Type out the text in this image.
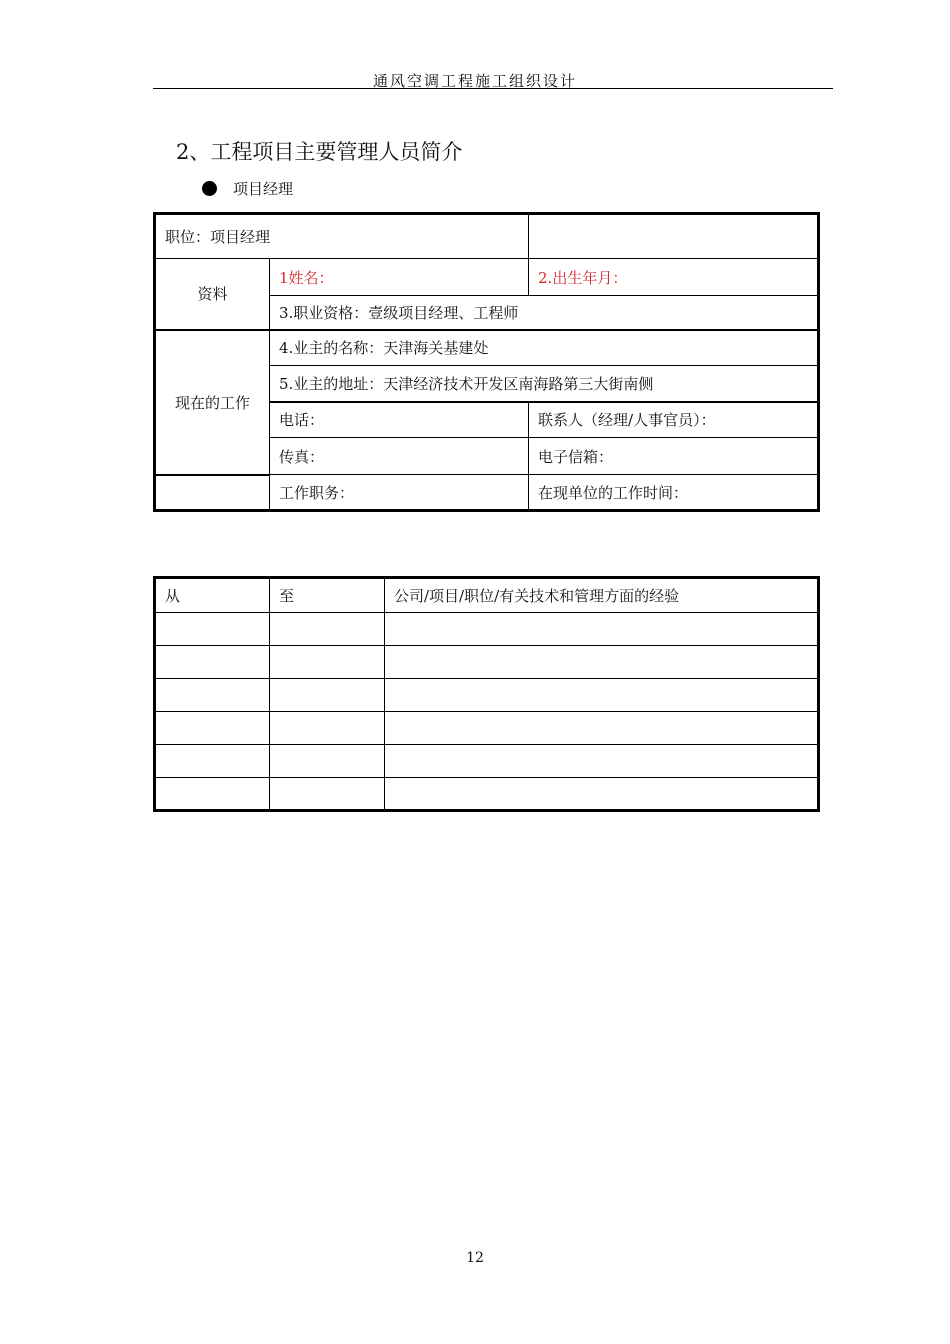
通风空调工程施工组织设计
2、工程项目主要管理人员简介
项目经理
职位：项目经理		
资料	1姓名：	2.出生年月：
	3.职业资格：壹级项目经理、工程师	
现在的工作	4.业主的名称：天津海关基建处	
	5.业主的地址：天津经济技术开发区南海路第三大街南侧	
	电话：	联系人（经理/人事官员）：
	传真：	电子信箱：
	工作职务：	在现单位的工作时间：
从	至	公司/项目/职位/有关技术和管理方面的经验

12
